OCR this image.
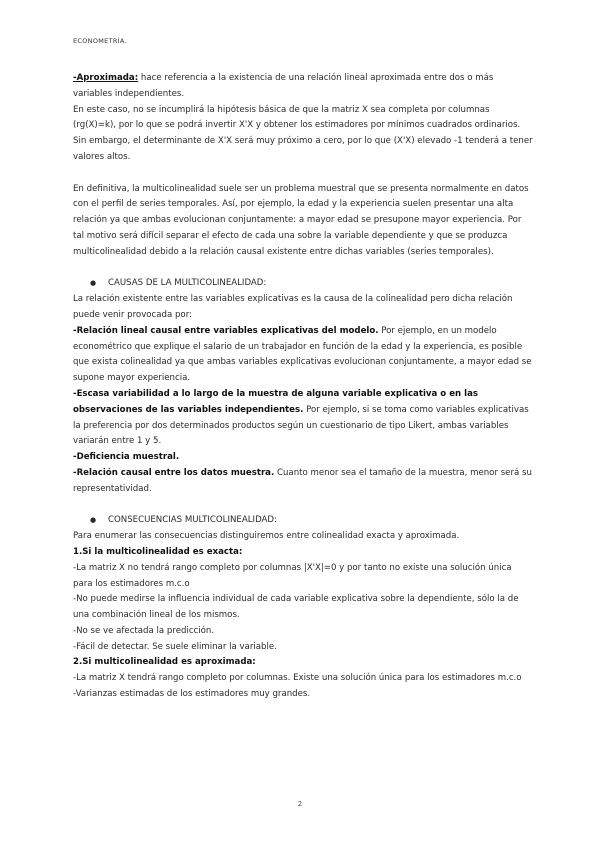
ECONOMETRÍA.

-Aproximada: hace referencia a la existencia de una relación lineal aproximada entre dos o más variables independientes.

En este caso, no se incumplirá la hipótesis básica de que la matriz X sea completa por columnas (rg(X)=k), por lo que se podrá invertir X'X y obtener los estimadores por mínimos cuadrados ordinarios. Sin embargo, el determinante de X'X será muy próximo a cero, por lo que (X'X) elevado -1 tenderá a tener valores altos.

En definitiva, la multicolinealidad suele ser un problema muestral que se presenta normalmente en datos con el perfil de series temporales. Así, por ejemplo, la edad y la experiencia suelen presentar una alta relación ya que ambas evolucionan conjuntamente: a mayor edad se presupone mayor experiencia. Por tal motivo será difícil separar el efecto de cada una sobre la variable dependiente y que se produzca multicolinealidad debido a la relación causal existente entre dichas variables (series temporales).

● CAUSAS DE LA MULTICOLINEALIDAD:

La relación existente entre las variables explicativas es la causa de la colinealidad pero dicha relación puede venir provocada por:

-Relación lineal causal entre variables explicativas del modelo. Por ejemplo, en un modelo econométrico que explique el salario de un trabajador en función de la edad y la experiencia, es posible que exista colinealidad ya que ambas variables explicativas evolucionan conjuntamente, a mayor edad se supone mayor experiencia.

-Escasa variabilidad a lo largo de la muestra de alguna variable explicativa o en las observaciones de las variables independientes. Por ejemplo, si se toma como variables explicativas la preferencia por dos determinados productos según un cuestionario de tipo Likert, ambas variables variarán entre 1 y 5.

-Deficiencia muestral.

-Relación causal entre los datos muestra. Cuanto menor sea el tamaño de la muestra, menor será su representatividad.

● CONSECUENCIAS MULTICOLINEALIDAD:

Para enumerar las consecuencias distinguiremos entre colinealidad exacta y aproximada.

1.Si la multicolinealidad es exacta:

-La matriz X no tendrá rango completo por columnas |X'X|=0 y por tanto no existe una solución única para los estimadores m.c.o

-No puede medirse la influencia individual de cada variable explicativa sobre la dependiente, sólo la de una combinación lineal de los mismos.

-No se ve afectada la predicción.

-Fácil de detectar. Se suele eliminar la variable.

2.Si multicolinealidad es aproximada:

-La matriz X tendrá rango completo por columnas. Existe una solución única para los estimadores m.c.o

-Varianzas estimadas de los estimadores muy grandes.

2
